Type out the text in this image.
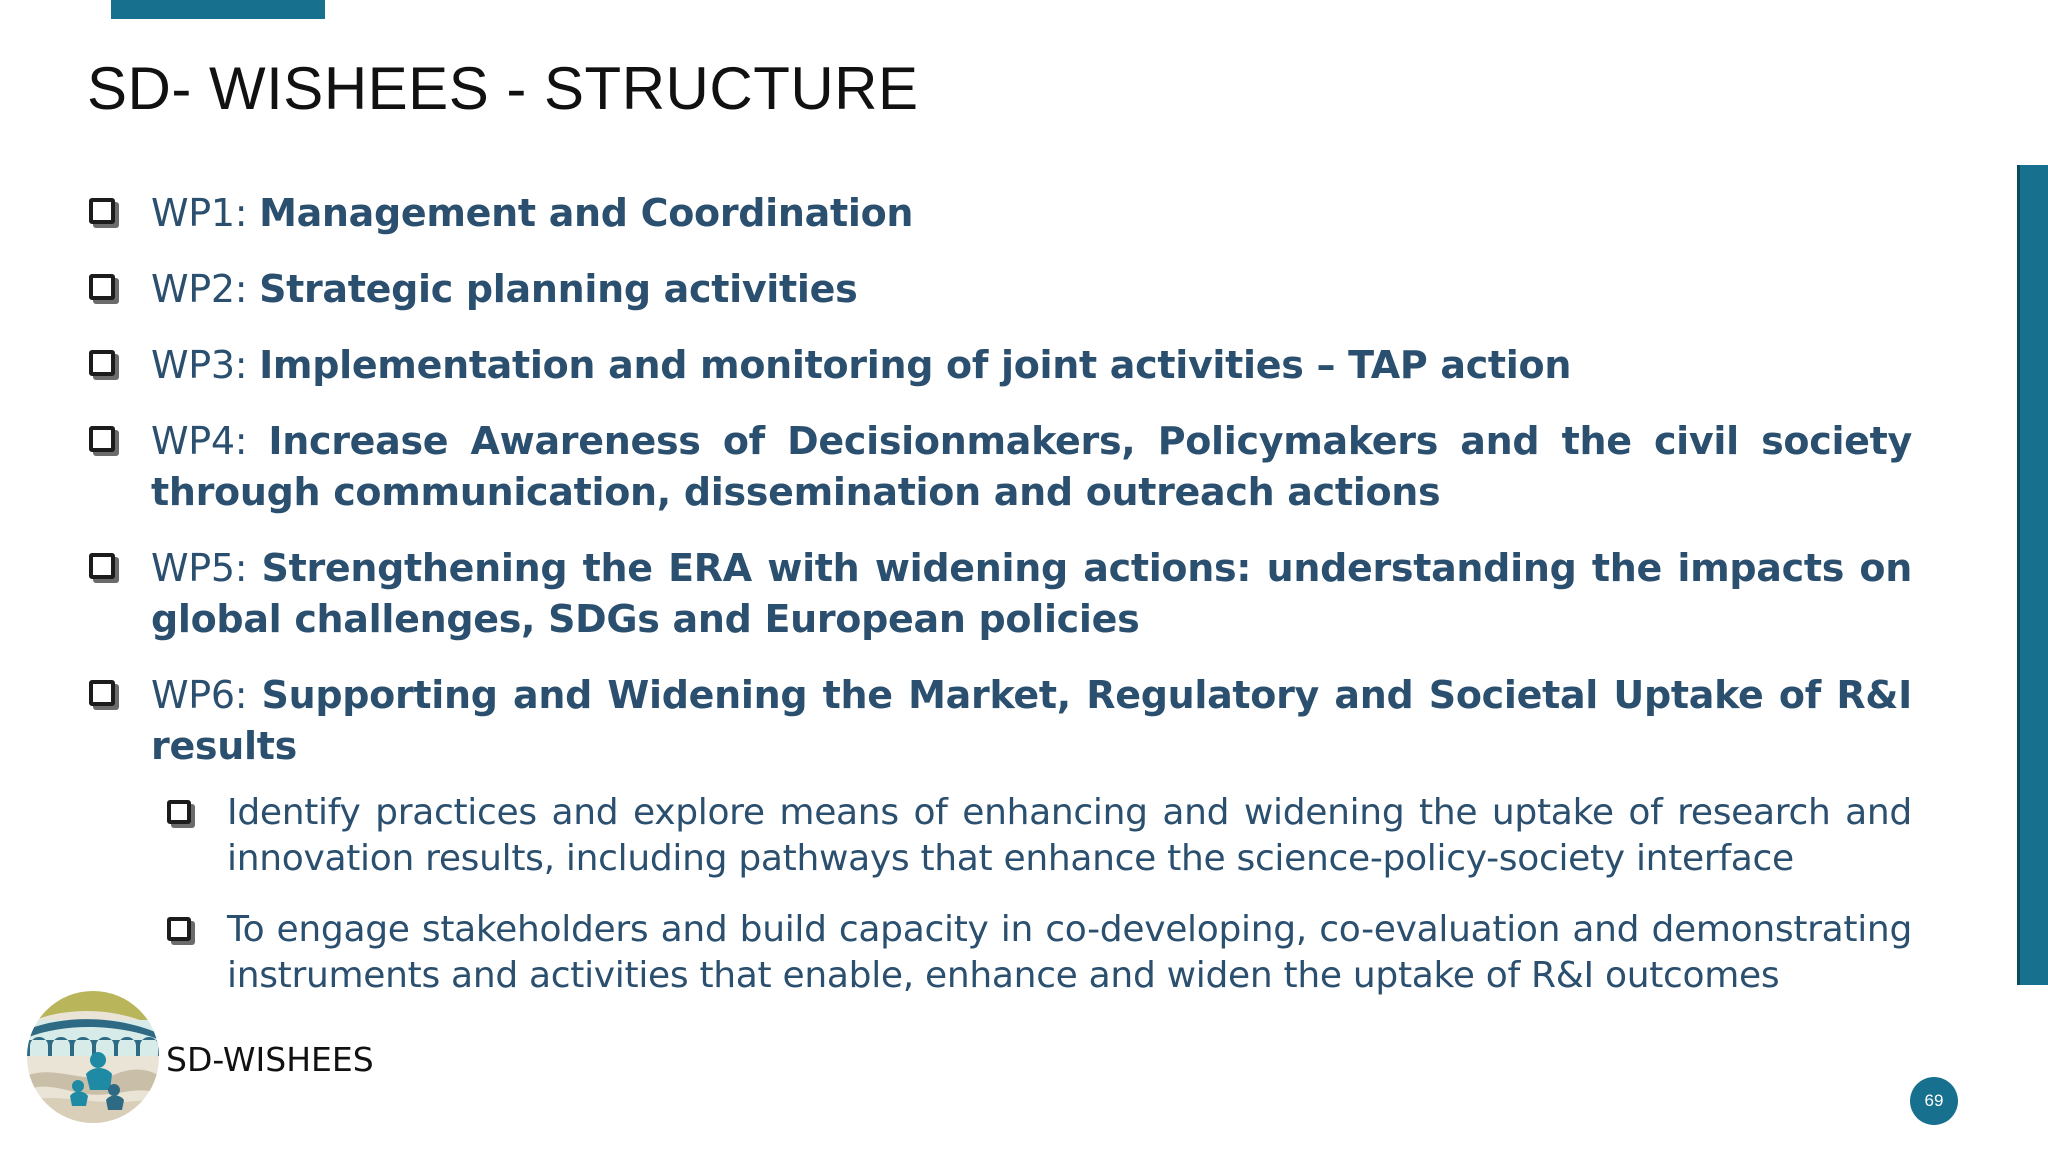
SD- WISHEES - STRUCTURE
WP1: Management and Coordination
WP2: Strategic planning activities
WP3: Implementation and monitoring of joint activities – TAP action
WP4: Increase Awareness of Decisionmakers, Policymakers and the civil society through communication, dissemination and outreach actions
WP5: Strengthening the ERA with widening actions: understanding the impacts on global challenges, SDGs and European policies
WP6: Supporting and Widening the Market, Regulatory and Societal Uptake of R&I results
Identify practices and explore means of enhancing and widening the uptake of research and innovation results, including pathways that enhance the science-policy-society interface
To engage stakeholders and build capacity in co-developing, co-evaluation and demonstrating instruments and activities that enable, enhance and widen the uptake of R&I outcomes
SD-WISHEES
69
